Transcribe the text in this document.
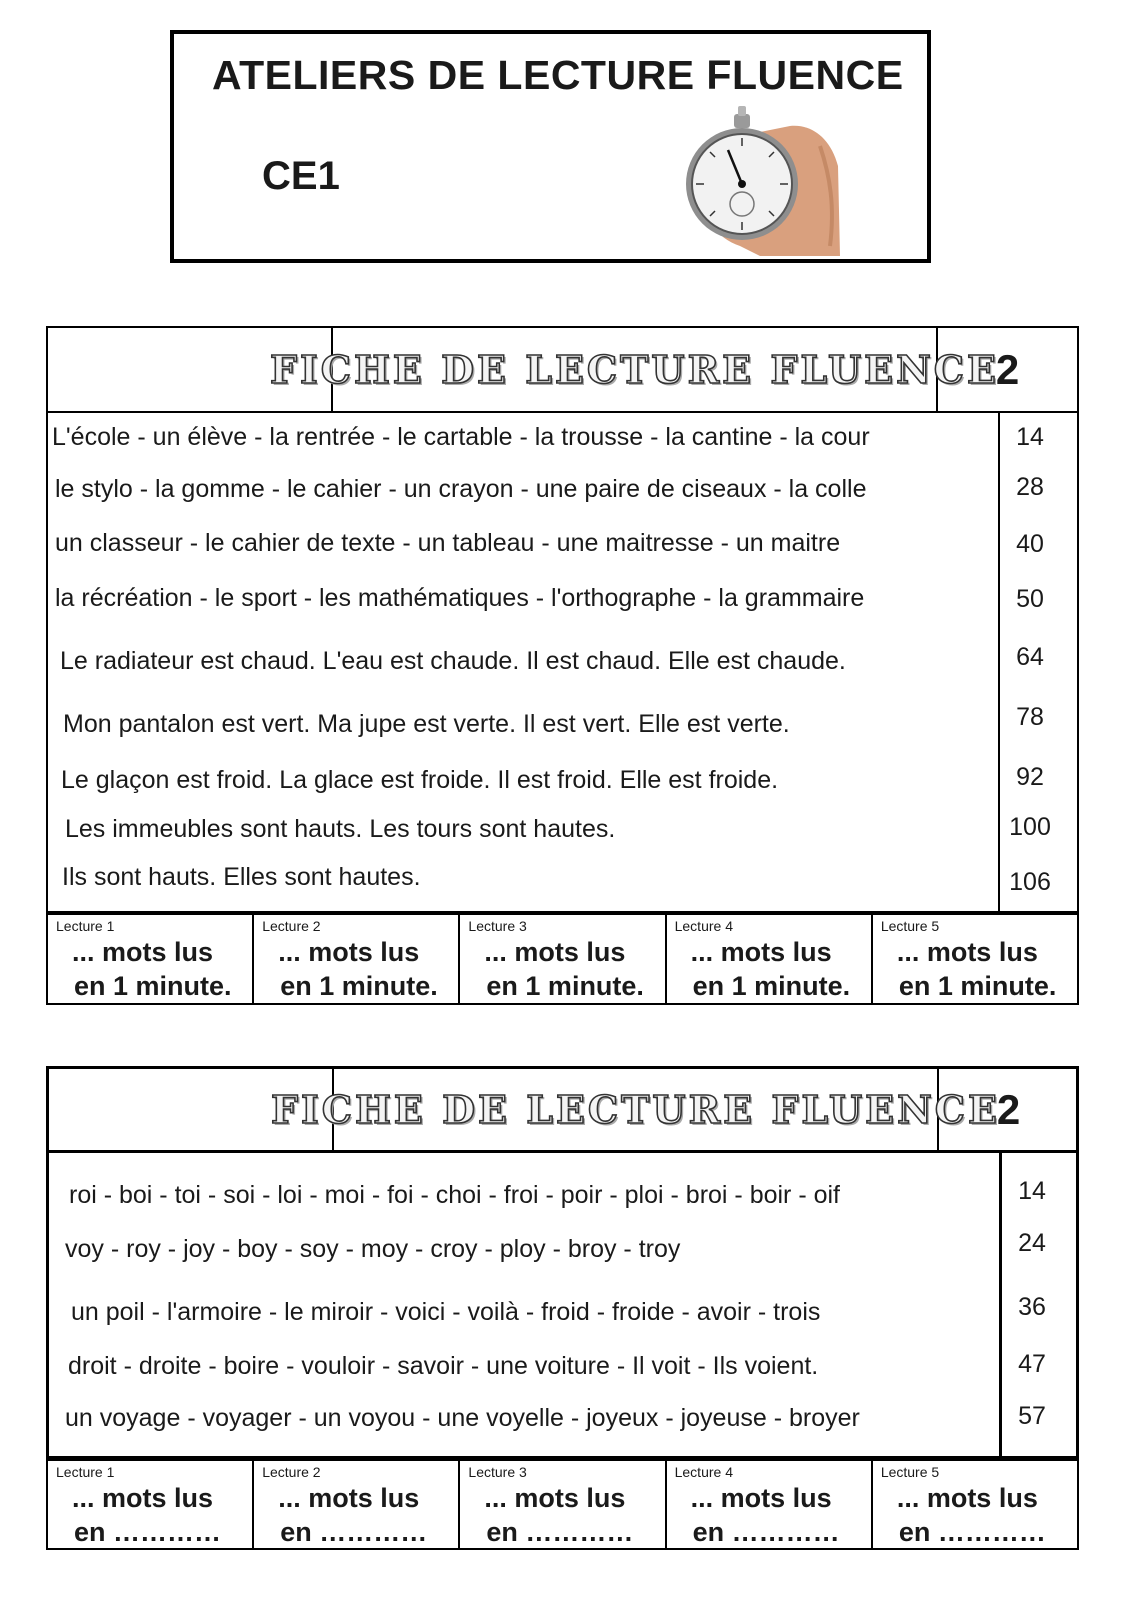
ATELIERS DE LECTURE FLUENCE
CE1
FICHE DE LECTURE FLUENCE
2
L'école - un élève - la rentrée - le cartable - la trousse - la cantine - la cour	14
le stylo - la gomme - le cahier - un crayon - une paire de ciseaux - la colle	28
un classeur - le cahier de texte - un tableau - une maitresse - un maitre	40
la récréation - le sport - les mathématiques - l'orthographe - la grammaire	50
Le radiateur est chaud. L'eau est chaude. Il est chaud. Elle est chaude.	64
Mon pantalon est vert. Ma jupe est verte. Il est vert. Elle est verte.	78
Le glaçon est froid. La glace est froide. Il est froid. Elle est froide.	92
Les immeubles sont hauts. Les tours sont hautes.	100
Ils sont hauts. Elles sont hautes.	106
Lecture 1
... mots lus
en 1 minute.
Lecture 2
... mots lus
en 1 minute.
Lecture 3
... mots lus
en 1 minute.
Lecture 4
... mots lus
en 1 minute.
Lecture 5
... mots lus
en 1 minute.
FICHE DE LECTURE FLUENCE
2
roi - boi - toi - soi - loi - moi - foi - choi - froi - poir - ploi - broi - boir - oif	14
voy - roy - joy - boy - soy - moy - croy - ploy - broy - troy	24
un poil - l'armoire - le miroir - voici - voilà - froid - froide - avoir - trois	36
droit - droite - boire - vouloir - savoir - une voiture - Il voit - Ils voient.	47
un voyage - voyager - un voyou - une voyelle - joyeux - joyeuse - broyer	57
Lecture 1
... mots lus
en …………
Lecture 2
... mots lus
en …………
Lecture 3
... mots lus
en …………
Lecture 4
... mots lus
en …………
Lecture 5
... mots lus
en …………
